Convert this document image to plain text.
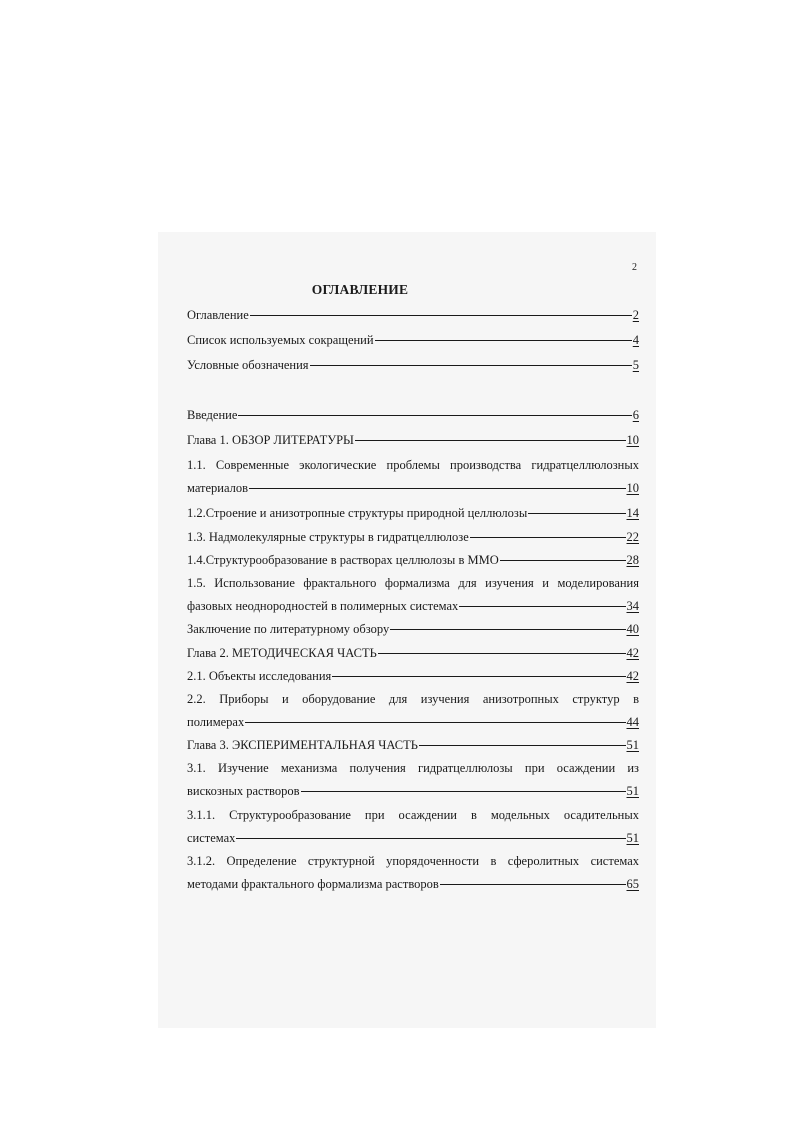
2
ОГЛАВЛЕНИЕ
Оглавление	2
Список используемых сокращений	4
Условные обозначения	5
Введение	6
Глава 1. ОБЗОР ЛИТЕРАТУРЫ	10
1.1. Современные экологические проблемы производства гидратцеллюлозных
материалов	10
1.2.Строение и анизотропные структуры природной целлюлозы	14
1.3. Надмолекулярные структуры в гидратцеллюлозе	22
1.4.Структурообразование в растворах целлюлозы в ММО	28
1.5. Использование фрактального формализма для изучения и моделирования
фазовых неоднородностей в полимерных системах	34
Заключение по литературному обзору	40
Глава 2. МЕТОДИЧЕСКАЯ ЧАСТЬ	42
2.1. Объекты исследования	42
2.2. Приборы и оборудование для изучения анизотропных структур в
полимерах	44
Глава 3. ЭКСПЕРИМЕНТАЛЬНАЯ ЧАСТЬ	51
3.1. Изучение механизма получения гидратцеллюлозы при осаждении из
вискозных растворов	51
3.1.1. Структурообразование при осаждении в модельных осадительных
системах	51
3.1.2. Определение структурной упорядоченности в сферолитных системах
методами фрактального формализма растворов	65
